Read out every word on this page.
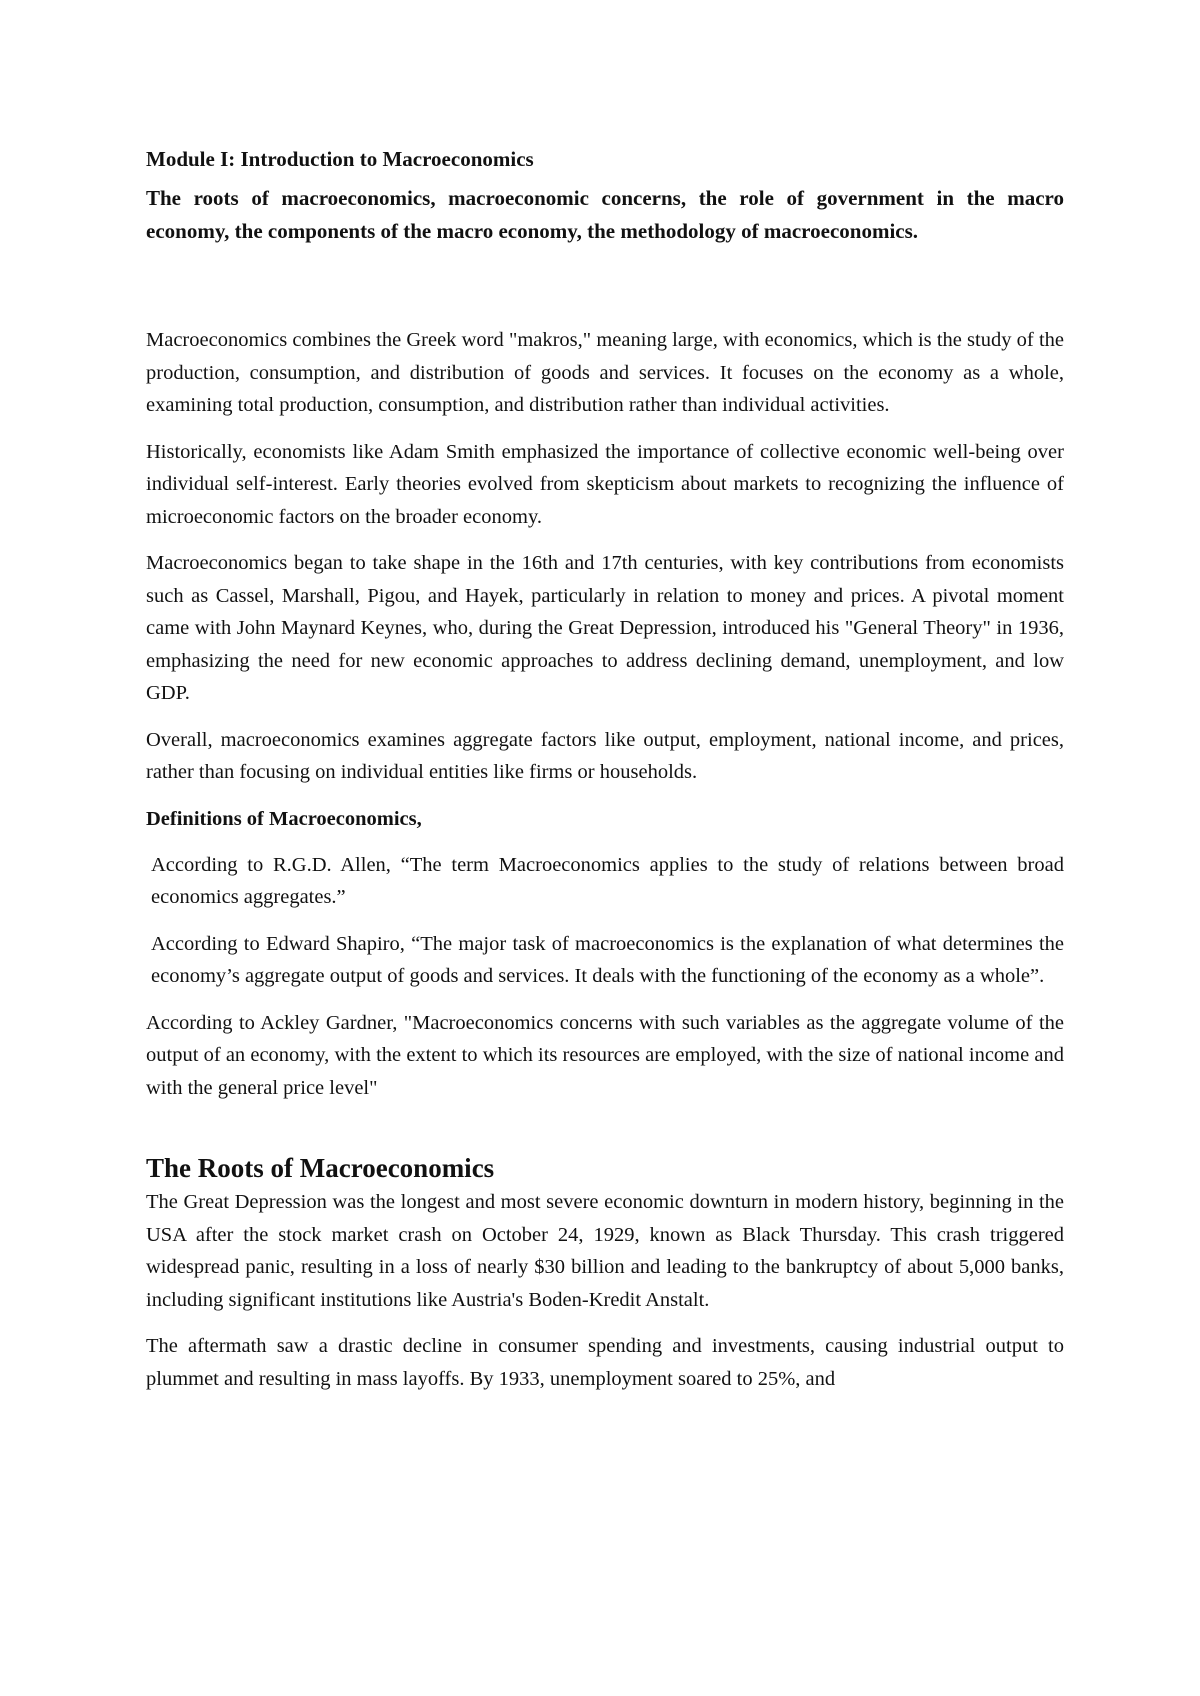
Module I: Introduction to Macroeconomics
The roots of macroeconomics, macroeconomic concerns, the role of government in the macro economy, the components of the macro economy, the methodology of macroeconomics.

Macroeconomics combines the Greek word "makros," meaning large, with economics, which is the study of the production, consumption, and distribution of goods and services. It focuses on the economy as a whole, examining total production, consumption, and distribution rather than individual activities.

Historically, economists like Adam Smith emphasized the importance of collective economic well-being over individual self-interest. Early theories evolved from skepticism about markets to recognizing the influence of microeconomic factors on the broader economy.

Macroeconomics began to take shape in the 16th and 17th centuries, with key contributions from economists such as Cassel, Marshall, Pigou, and Hayek, particularly in relation to money and prices. A pivotal moment came with John Maynard Keynes, who, during the Great Depression, introduced his "General Theory" in 1936, emphasizing the need for new economic approaches to address declining demand, unemployment, and low GDP.

Overall, macroeconomics examines aggregate factors like output, employment, national income, and prices, rather than focusing on individual entities like firms or households.

Definitions of Macroeconomics,

According to R.G.D. Allen, “The term Macroeconomics applies to the study of relations between broad economics aggregates.”

According to Edward Shapiro, “The major task of macroeconomics is the explanation of what determines the economy’s aggregate output of goods and services. It deals with the functioning of the economy as a whole”.

According to Ackley Gardner, "Macroeconomics concerns with such variables as the aggregate volume of the output of an economy, with the extent to which its resources are employed, with the size of national income and with the general price level"

The Roots of Macroeconomics

The Great Depression was the longest and most severe economic downturn in modern history, beginning in the USA after the stock market crash on October 24, 1929, known as Black Thursday. This crash triggered widespread panic, resulting in a loss of nearly $30 billion and leading to the bankruptcy of about 5,000 banks, including significant institutions like Austria's Boden-Kredit Anstalt.

The aftermath saw a drastic decline in consumer spending and investments, causing industrial output to plummet and resulting in mass layoffs. By 1933, unemployment soared to 25%, and
